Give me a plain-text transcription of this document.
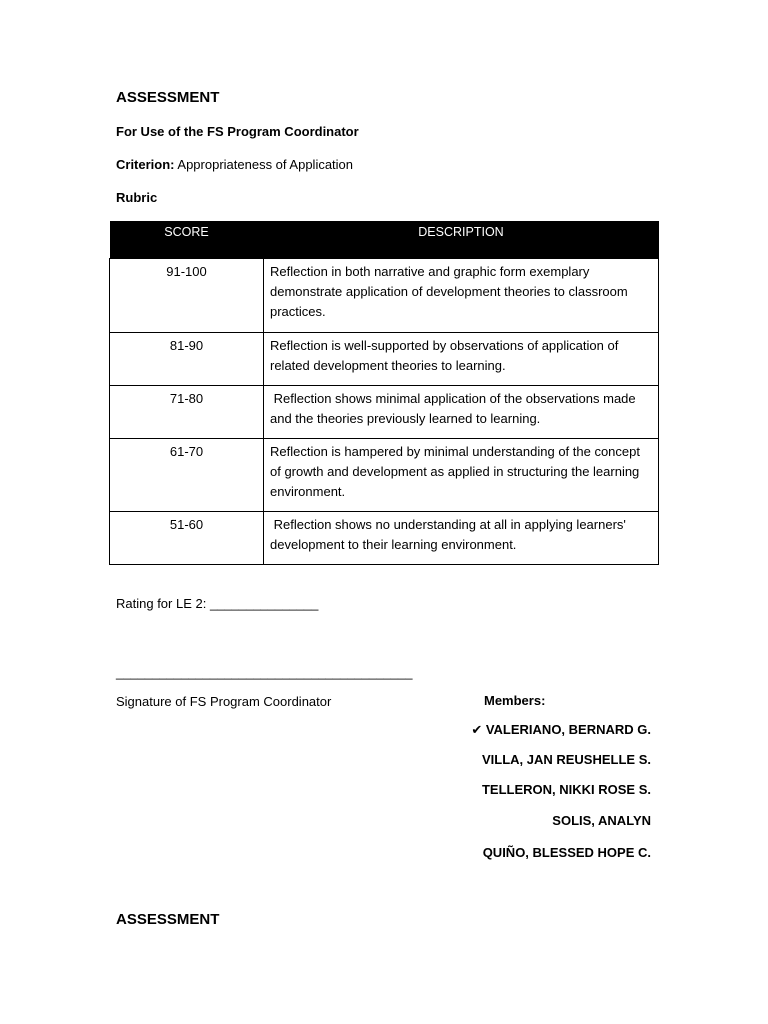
ASSESSMENT
For Use of the FS Program Coordinator
Criterion: Appropriateness of Application
Rubric
SCORE	DESCRIPTION
91-100	Reflection in both narrative and graphic form exemplary demonstrate application of development theories to classroom practices.
81-90	Reflection is well-supported by observations of application of related development theories to learning.
71-80	Reflection shows minimal application of the observations made and the theories previously learned to learning.
61-70	Reflection is hampered by minimal understanding of the concept of growth and development as applied in structuring the learning environment.
51-60	Reflection shows no understanding at all in applying learners' development to their learning environment.
Rating for LE 2: _______________
_________________________________________
Signature of FS Program Coordinator	Members:
✔ VALERIANO, BERNARD G.
VILLA, JAN REUSHELLE S.
TELLERON, NIKKI ROSE S.
SOLIS, ANALYN
QUIÑO, BLESSED HOPE C.
ASSESSMENT
